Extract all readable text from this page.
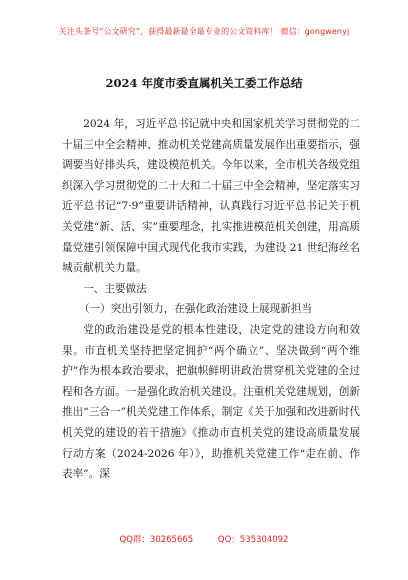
关注头条号“公文研究”，获得最新最全最专业的公文资料库！ 微信：gongwenyj
2024 年度市委直属机关工委工作总结

2024 年，习近平总书记就中央和国家机关学习贯彻党的二十届三中全会精神、推动机关党建高质量发展作出重要指示，强调要当好排头兵，建设模范机关。今年以来，全市机关各级党组织深入学习贯彻党的二十大和二十届三中全会精神，坚定落实习近平总书记“7·9”重要讲话精神，认真践行习近平总书记关于机关党建“新、活、实”重要理念，扎实推进模范机关创建，用高质量党建引领保障中国式现代化我市实践，为建设 21 世纪海丝名城贡献机关力量。

一、主要做法

（一）突出引领力，在强化政治建设上展现新担当

党的政治建设是党的根本性建设，决定党的建设方向和效果。市直机关坚持把坚定拥护“两个确立”、坚决做到“两个维护”作为根本政治要求，把旗帜鲜明讲政治贯穿机关党建的全过程和各方面。一是强化政治机关建设。注重机关党建规划，创新推出“三合一”机关党建工作体系，制定《关于加强和改进新时代机关党的建设的若干措施》《推动市直机关党的建设高质量发展行动方案（2024-2026 年）》，助推机关党建工作“走在前、作表率”。深

QQ群：30265665	QQ：535304092
